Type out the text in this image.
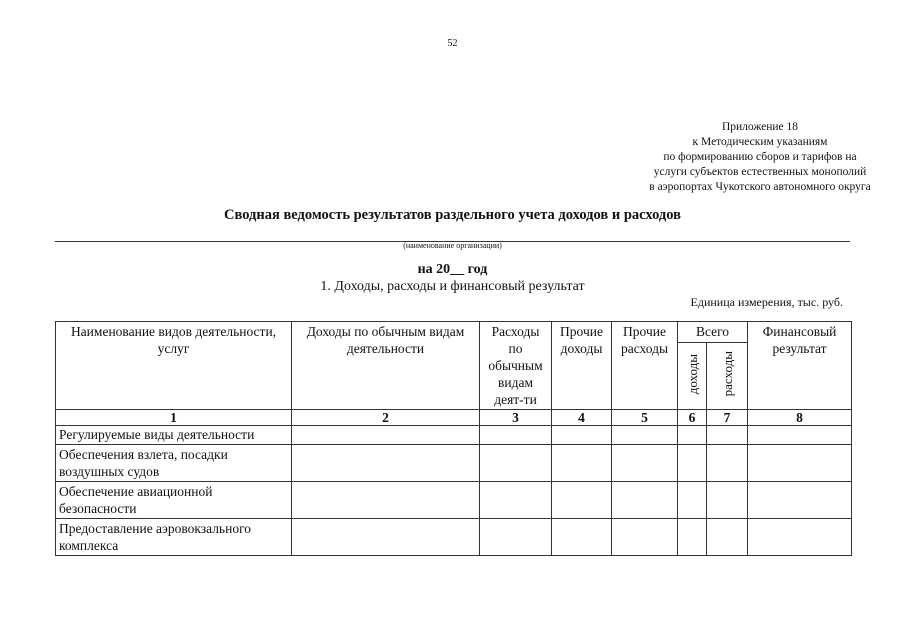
52
Приложение 18
к Методическим указаниям
по формированию сборов и тарифов на
услуги субъектов естественных монополий
в аэропортах Чукотского автономного округа
Сводная ведомость результатов раздельного учета доходов и расходов
(наименование организации)
на 20__ год
1. Доходы, расходы и финансовый результат
Единица измерения, тыс. руб.
Наименование видов деятельности, услуг	Доходы по обычным видам деятельности	Расходы по обычным видам деят-ти	Прочие доходы	Прочие расходы	Всего		Финансовый результат
					доходы	расходы	
1	2	3	4	5	6	7	8
Регулируемые виды деятельности							
Обеспечения взлета, посадки воздушных судов							
Обеспечение авиационной безопасности							
Предоставление аэровокзального комплекса							
